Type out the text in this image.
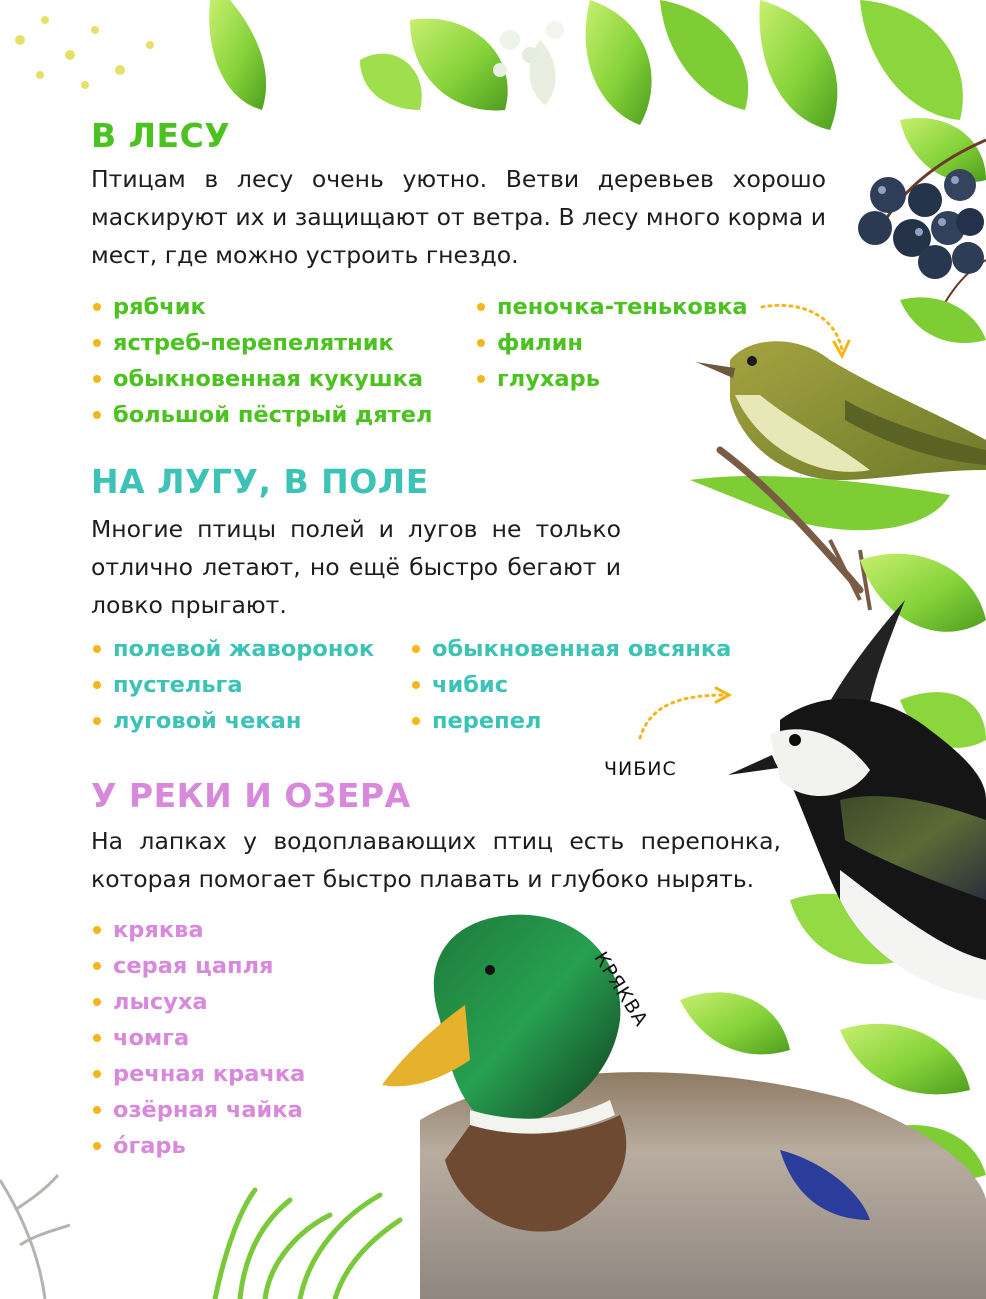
В ЛЕСУ

Птицам в лесу очень уютно. Ветви деревьев хорошо маскируют их и защищают от ветра. В лесу много корма и мест, где можно устроить гнездо.

рябчик
ястреб-перепелятник
обыкновенная кукушка
большой пёстрый дятел
пеночка-теньковка
филин
глухарь
НА ЛУГУ, В ПОЛЕ

Многие птицы полей и лугов не только отлично летают, но ещё быстро бегают и ловко прыгают.

полевой жаворонок
пустельга
луговой чекан
обыкновенная овсянка
чибис
перепел
ЧИБИС
У РЕКИ И ОЗЕРА

На лапках у водоплавающих птиц есть перепонка, которая помогает быстро плавать и глубоко нырять.

кряква
серая цапля
лысуха
чомга
речная крачка
озёрная чайка
о́гарь
КРЯКВА
